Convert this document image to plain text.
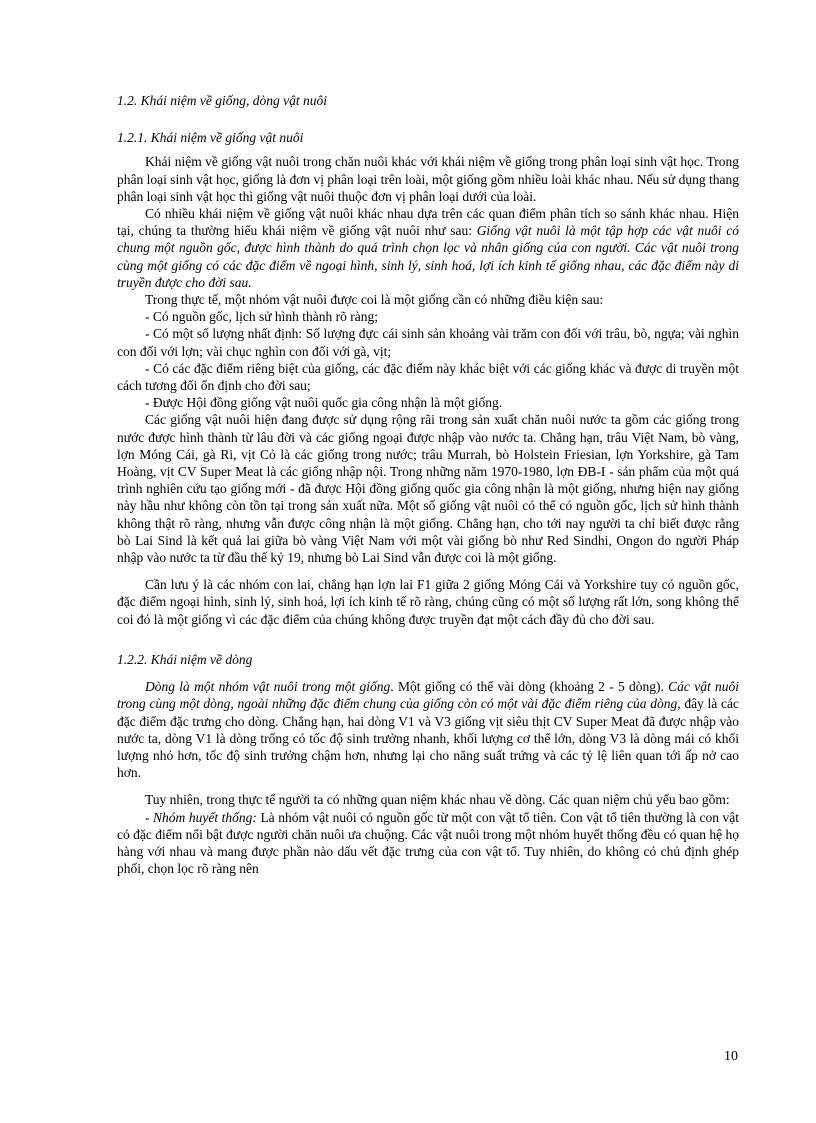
1.2. Khái niệm về giống, dòng vật nuôi

1.2.1. Khái niệm về giống vật nuôi

Khái niệm về giống vật nuôi trong chăn nuôi khác với khái niệm về giống trong phân loại sinh vật học. Trong phân loại sinh vật học, giống là đơn vị phân loại trên loài, một giống gồm nhiều loài khác nhau. Nếu sử dụng thang phân loại sinh vật học thì giống vật nuôi thuộc đơn vị phân loại dưới của loài.

Có nhiều khái niệm về giống vật nuôi khác nhau dựa trên các quan điểm phân tích so sánh khác nhau. Hiện tại, chúng ta thường hiểu khái niệm về giống vật nuôi như sau: Giống vật nuôi là một tập hợp các vật nuôi có chung một nguồn gốc, được hình thành do quá trình chọn lọc và nhân giống của con người. Các vật nuôi trong cùng một giống có các đặc điểm về ngoại hình, sinh lý, sinh hoá, lợi ích kinh tế giống nhau, các đặc điểm này di truyền được cho đời sau.

Trong thực tế, một nhóm vật nuôi được coi là một giống cần có những điều kiện sau:

- Có nguồn gốc, lịch sử hình thành rõ ràng;

- Có một số lượng nhất định: Số lượng đực cái sinh sản khoảng vài trăm con đối với trâu, bò, ngựa; vài nghìn con đối với lợn; vài chục nghìn con đối với gà, vịt;

- Có các đặc điểm riêng biệt của giống, các đặc điểm này khác biệt với các giống khác và được di truyền một cách tương đối ổn định cho đời sau;

- Được Hội đồng giống vật nuôi quốc gia công nhận là một giống.

Các giống vật nuôi hiện đang được sử dụng rộng rãi trong sản xuất chăn nuôi nước ta gồm các giống trong nước được hình thành từ lâu đời và các giống ngoại được nhập vào nước ta. Chẳng hạn, trâu Việt Nam, bò vàng, lợn Móng Cái, gà Ri, vịt Cỏ là các giống trong nước; trâu Murrah, bò Holstein Friesian, lợn Yorkshire, gà Tam Hoàng, vịt CV Super Meat là các giống nhập nội. Trong những năm 1970-1980, lợn ĐB-I - sản phẩm của một quá trình nghiên cứu tạo giống mới - đã được Hội đồng giống quốc gia công nhận là một giống, nhưng hiện nay giống này hầu như không còn tồn tại trong sản xuất nữa. Một số giống vật nuôi có thể có nguồn gốc, lịch sử hình thành không thật rõ ràng, nhưng vẫn được công nhận là một giống. Chẳng hạn, cho tới nay người ta chỉ biết được rằng bò Lai Sind là kết quả lai giữa bò vàng Việt Nam với một vài giống bò như Red Sindhi, Ongon do người Pháp nhập vào nước ta từ đầu thế kỷ 19, nhưng bò Lai Sind vẫn được coi là một giống.

Cần lưu ý là các nhóm con lai, chẳng hạn lợn lai F1 giữa 2 giống Móng Cái và Yorkshire tuy có nguồn gốc, đặc điểm ngoại hình, sinh lý, sinh hoá, lợi ích kinh tế rõ ràng, chúng cũng có một số lượng rất lớn, song không thể coi đó là một giống vì các đặc điểm của chúng không được truyền đạt một cách đầy đủ cho đời sau.

1.2.2. Khái niệm về dòng

Dòng là một nhóm vật nuôi trong một giống. Một giống có thể vài dòng (khoảng 2 - 5 dòng). Các vật nuôi trong cùng một dòng, ngoài những đặc điểm chung của giống còn có một vài đặc điểm riêng của dòng, đây là các đặc điểm đặc trưng cho dòng. Chẳng hạn, hai dòng V1 và V3 giống vịt siêu thịt CV Super Meat đã được nhập vào nước ta, dòng V1 là dòng trống có tốc độ sinh trưởng nhanh, khối lượng cơ thể lớn, dòng V3 là dòng mái có khối lượng nhỏ hơn, tốc độ sinh trưởng chậm hơn, nhưng lại cho năng suất trứng và các tỷ lệ liên quan tới ấp nở cao hơn.

Tuy nhiên, trong thực tế người ta có những quan niệm khác nhau về dòng. Các quan niệm chủ yếu bao gồm:

- Nhóm huyết thống: Là nhóm vật nuôi có nguồn gốc từ một con vật tổ tiên. Con vật tổ tiên thường là con vật có đặc điểm nổi bật được người chăn nuôi ưa chuộng. Các vật nuôi trong một nhóm huyết thống đều có quan hệ họ hàng với nhau và mang được phần nào dấu vết đặc trưng của con vật tổ. Tuy nhiên, do không có chủ định ghép phối, chọn lọc rõ ràng nên

10
